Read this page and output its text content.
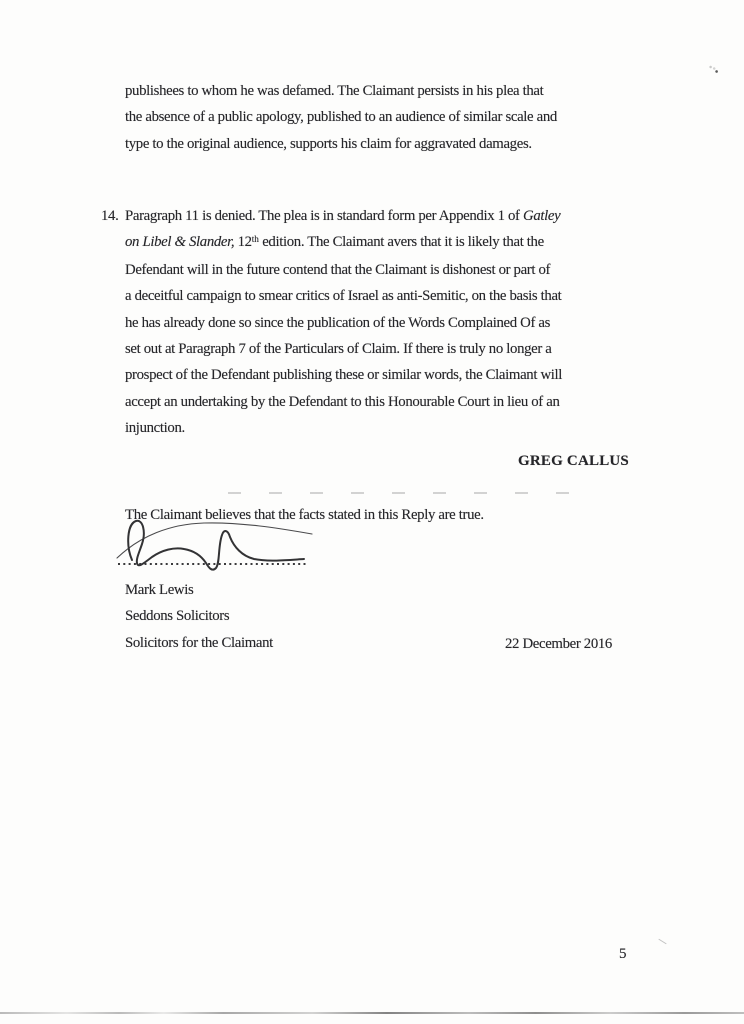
publishees to whom he was defamed. The Claimant persists in his plea that
the absence of a public apology, published to an audience of similar scale and
type to the original audience, supports his claim for aggravated damages.
14. Paragraph 11 is denied. The plea is in standard form per Appendix 1 of Gatley
on Libel & Slander, 12th edition. The Claimant avers that it is likely that the
Defendant will in the future contend that the Claimant is dishonest or part of
a deceitful campaign to smear critics of Israel as anti-Semitic, on the basis that
he has already done so since the publication of the Words Complained Of as
set out at Paragraph 7 of the Particulars of Claim. If there is truly no longer a
prospect of the Defendant publishing these or similar words, the Claimant will
accept an undertaking by the Defendant to this Honourable Court in lieu of an
injunction.
GREG CALLUS
The Claimant believes that the facts stated in this Reply are true.
Mark Lewis
Seddons Solicitors
Solicitors for the Claimant	22 December 2016
5
